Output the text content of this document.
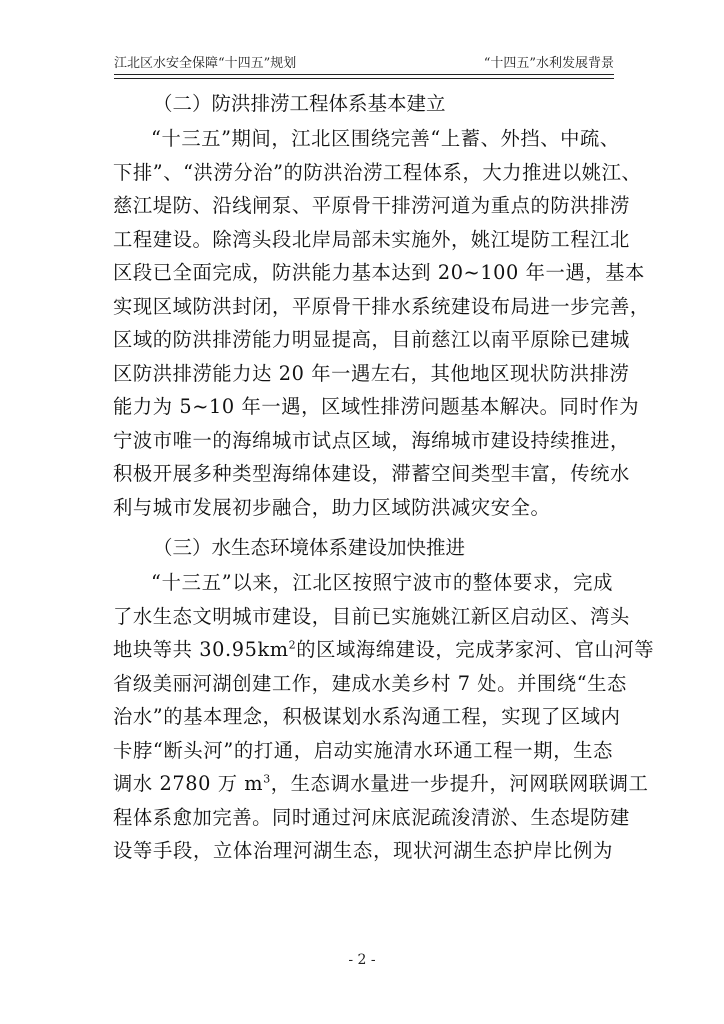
江北区水安全保障“十四五”规划	“十四五”水利发展背景
（二）防洪排涝工程体系基本建立
“十三五”期间，江北区围绕完善“上蓄、外挡、中疏、
下排”、“洪涝分治”的防洪治涝工程体系，大力推进以姚江、
慈江堤防、沿线闸泵、平原骨干排涝河道为重点的防洪排涝
工程建设。除湾头段北岸局部未实施外，姚江堤防工程江北
区段已全面完成，防洪能力基本达到 20~100 年一遇，基本
实现区域防洪封闭，平原骨干排水系统建设布局进一步完善，
区域的防洪排涝能力明显提高，目前慈江以南平原除已建城
区防洪排涝能力达 20 年一遇左右，其他地区现状防洪排涝
能力为 5~10 年一遇，区域性排涝问题基本解决。同时作为
宁波市唯一的海绵城市试点区域，海绵城市建设持续推进，
积极开展多种类型海绵体建设，滞蓄空间类型丰富，传统水
利与城市发展初步融合，助力区域防洪减灾安全。
（三）水生态环境体系建设加快推进
“十三五”以来，江北区按照宁波市的整体要求，完成
了水生态文明城市建设，目前已实施姚江新区启动区、湾头
地块等共 $30.95km^2$的区域海绵建设，完成茅家河、官山河等
省级美丽河湖创建工作，建成水美乡村 7 处。并围绕“生态
治水”的基本理念，积极谋划水系沟通工程，实现了区域内
卡脖“断头河”的打通，启动实施清水环通工程一期，生态
调水 2780 万 $m^3$，生态调水量进一步提升，河网联网联调工
程体系愈加完善。同时通过河床底泥疏浚清淤、生态堤防建
设等手段，立体治理河湖生态，现状河湖生态护岸比例为
- 2 -
